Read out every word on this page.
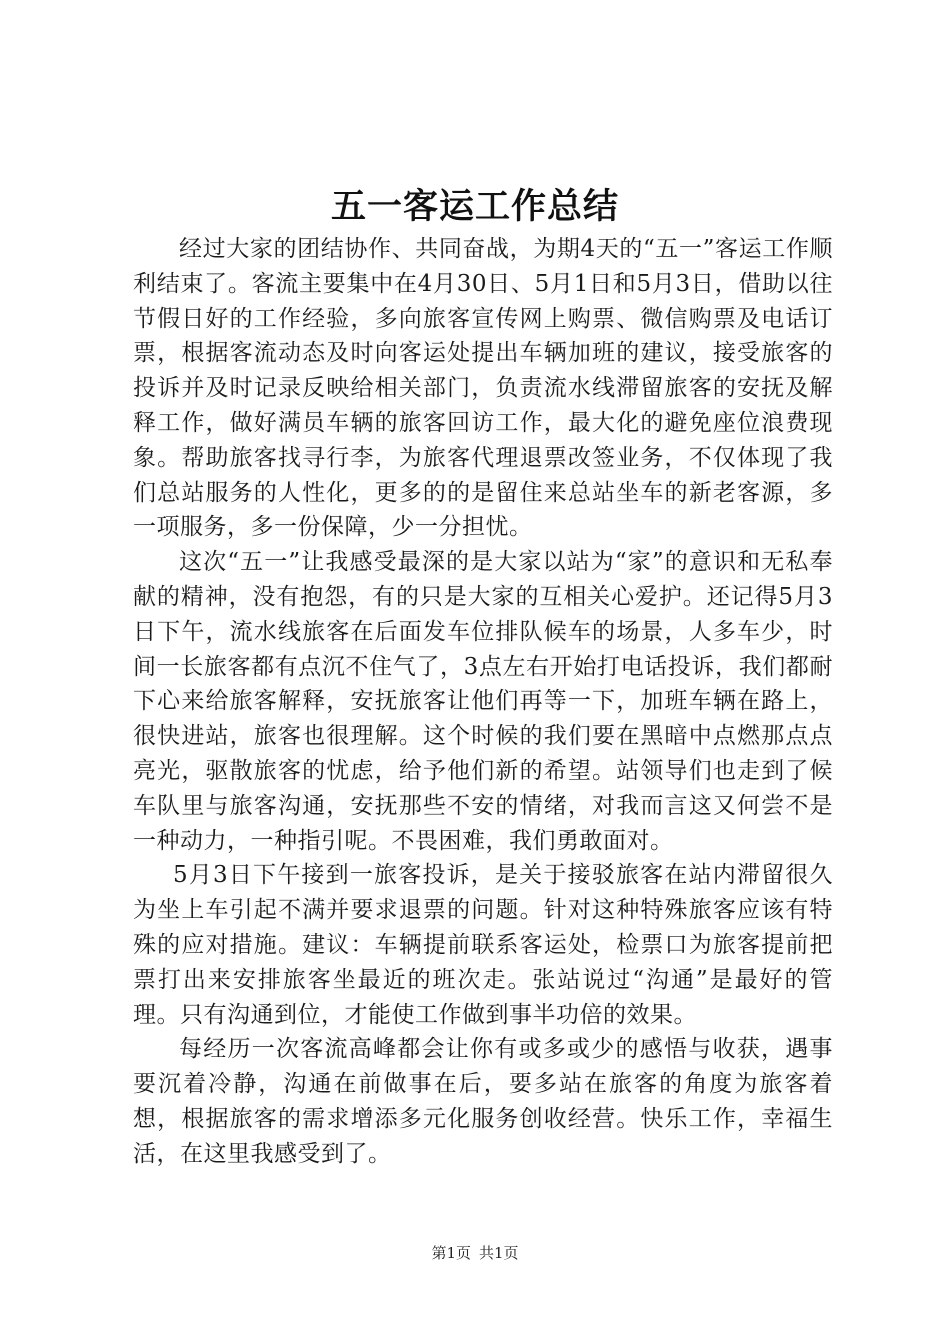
五一客运工作总结

经过大家的团结协作、共同奋战，为期4天的“五一”客运工作顺利结束了。客流主要集中在4月30日、5月1日和5月3日，借助以往节假日好的工作经验，多向旅客宣传网上购票、微信购票及电话订票，根据客流动态及时向客运处提出车辆加班的建议，接受旅客的投诉并及时记录反映给相关部门，负责流水线滞留旅客的安抚及解释工作，做好满员车辆的旅客回访工作，最大化的避免座位浪费现象。帮助旅客找寻行李，为旅客代理退票改签业务，不仅体现了我们总站服务的人性化，更多的的是留住来总站坐车的新老客源，多一项服务，多一份保障，少一分担忧。

这次“五一”让我感受最深的是大家以站为“家”的意识和无私奉献的精神，没有抱怨，有的只是大家的互相关心爱护。还记得5月3日下午，流水线旅客在后面发车位排队候车的场景，人多车少，时间一长旅客都有点沉不住气了，3点左右开始打电话投诉，我们都耐下心来给旅客解释，安抚旅客让他们再等一下，加班车辆在路上，很快进站，旅客也很理解。这个时候的我们要在黑暗中点燃那点点亮光，驱散旅客的忧虑，给予他们新的希望。站领导们也走到了候车队里与旅客沟通，安抚那些不安的情绪，对我而言这又何尝不是一种动力，一种指引呢。不畏困难，我们勇敢面对。

5月3日下午接到一旅客投诉，是关于接驳旅客在站内滞留很久为坐上车引起不满并要求退票的问题。针对这种特殊旅客应该有特殊的应对措施。建议：车辆提前联系客运处，检票口为旅客提前把票打出来安排旅客坐最近的班次走。张站说过“沟通”是最好的管理。只有沟通到位，才能使工作做到事半功倍的效果。

每经历一次客流高峰都会让你有或多或少的感悟与收获，遇事要沉着冷静，沟通在前做事在后，要多站在旅客的角度为旅客着想，根据旅客的需求增添多元化服务创收经营。快乐工作，幸福生活，在这里我感受到了。

第1页 共1页
